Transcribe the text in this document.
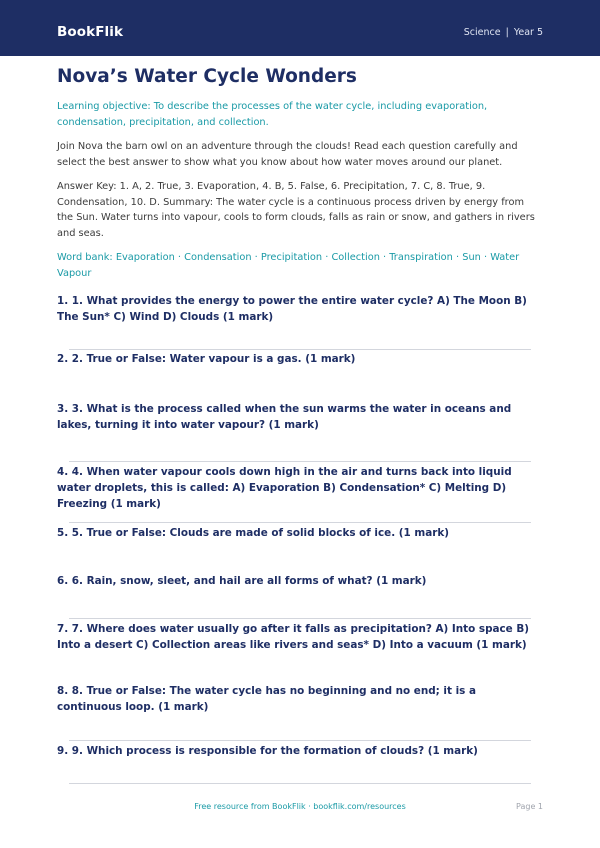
BookFlik	Science | Year 5
Nova’s Water Cycle Wonders

Learning objective: To describe the processes of the water cycle, including evaporation, condensation, precipitation, and collection.

Join Nova the barn owl on an adventure through the clouds! Read each question carefully and select the best answer to show what you know about how water moves around our planet.

Answer Key: 1. A, 2. True, 3. Evaporation, 4. B, 5. False, 6. Precipitation, 7. C, 8. True, 9. Condensation, 10. D. Summary: The water cycle is a continuous process driven by energy from the Sun. Water turns into vapour, cools to form clouds, falls as rain or snow, and gathers in rivers and seas.

Word bank: Evaporation · Condensation · Precipitation · Collection · Transpiration · Sun · Water Vapour

1. 1. What provides the energy to power the entire water cycle? A) The Moon B) The Sun* C) Wind D) Clouds (1 mark)

2. 2. True or False: Water vapour is a gas. (1 mark)

3. 3. What is the process called when the sun warms the water in oceans and lakes, turning it into water vapour? (1 mark)

4. 4. When water vapour cools down high in the air and turns back into liquid water droplets, this is called: A) Evaporation B) Condensation* C) Melting D) Freezing (1 mark)

5. 5. True or False: Clouds are made of solid blocks of ice. (1 mark)

6. 6. Rain, snow, sleet, and hail are all forms of what? (1 mark)

7. 7. Where does water usually go after it falls as precipitation? A) Into space B) Into a desert C) Collection areas like rivers and seas* D) Into a vacuum (1 mark)

8. 8. True or False: The water cycle has no beginning and no end; it is a continuous loop. (1 mark)

9. 9. Which process is responsible for the formation of clouds? (1 mark)

Free resource from BookFlik · bookflik.com/resources	Page 1
